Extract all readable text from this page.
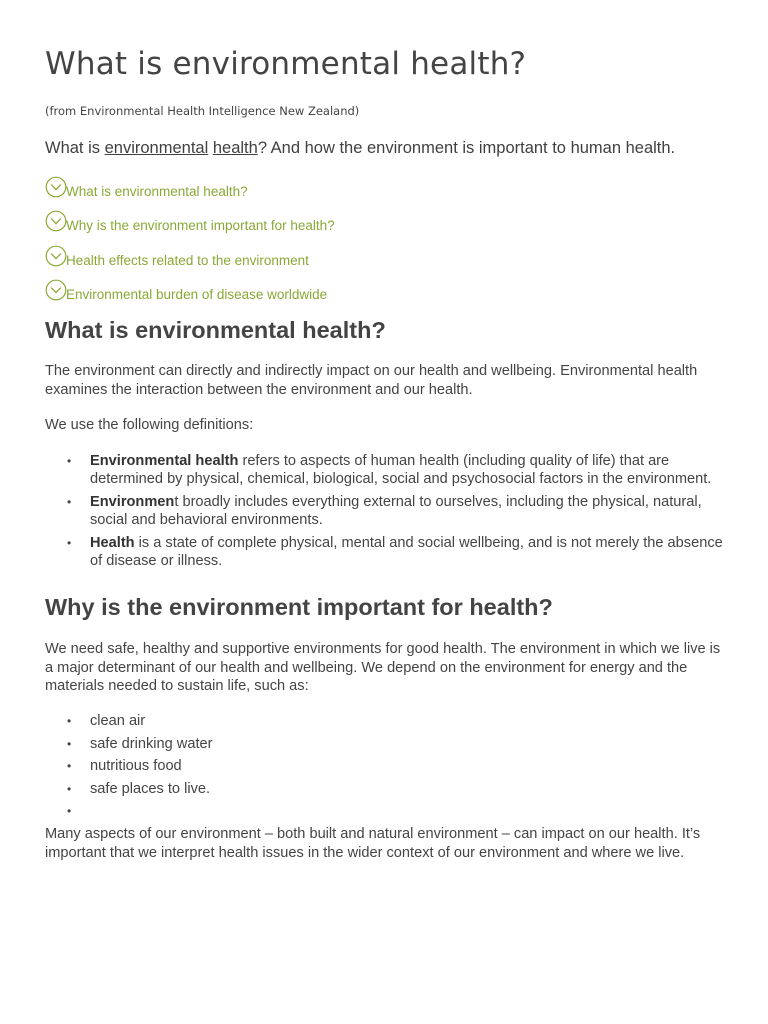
What is environmental health?
(from Environmental Health Intelligence New Zealand)
What is environmental health? And how the environment is important to human health.
What is environmental health?
Why is the environment important for health?
Health effects related to the environment
Environmental burden of disease worldwide
What is environmental health?

The environment can directly and indirectly impact on our health and wellbeing. Environmental health examines the interaction between the environment and our health.

We use the following definitions:

• Environmental health refers to aspects of human health (including quality of life) that are determined by physical, chemical, biological, social and psychosocial factors in the environment.
• Environment broadly includes everything external to ourselves, including the physical, natural, social and behavioral environments.
• Health is a state of complete physical, mental and social wellbeing, and is not merely the absence of disease or illness.
Why is the environment important for health?

We need safe, healthy and supportive environments for good health. The environment in which we live is a major determinant of our health and wellbeing. We depend on the environment for energy and the materials needed to sustain life, such as:

• clean air
• safe drinking water
• nutritious food
• safe places to live.
•

Many aspects of our environment – both built and natural environment – can impact on our health. It’s important that we interpret health issues in the wider context of our environment and where we live.
